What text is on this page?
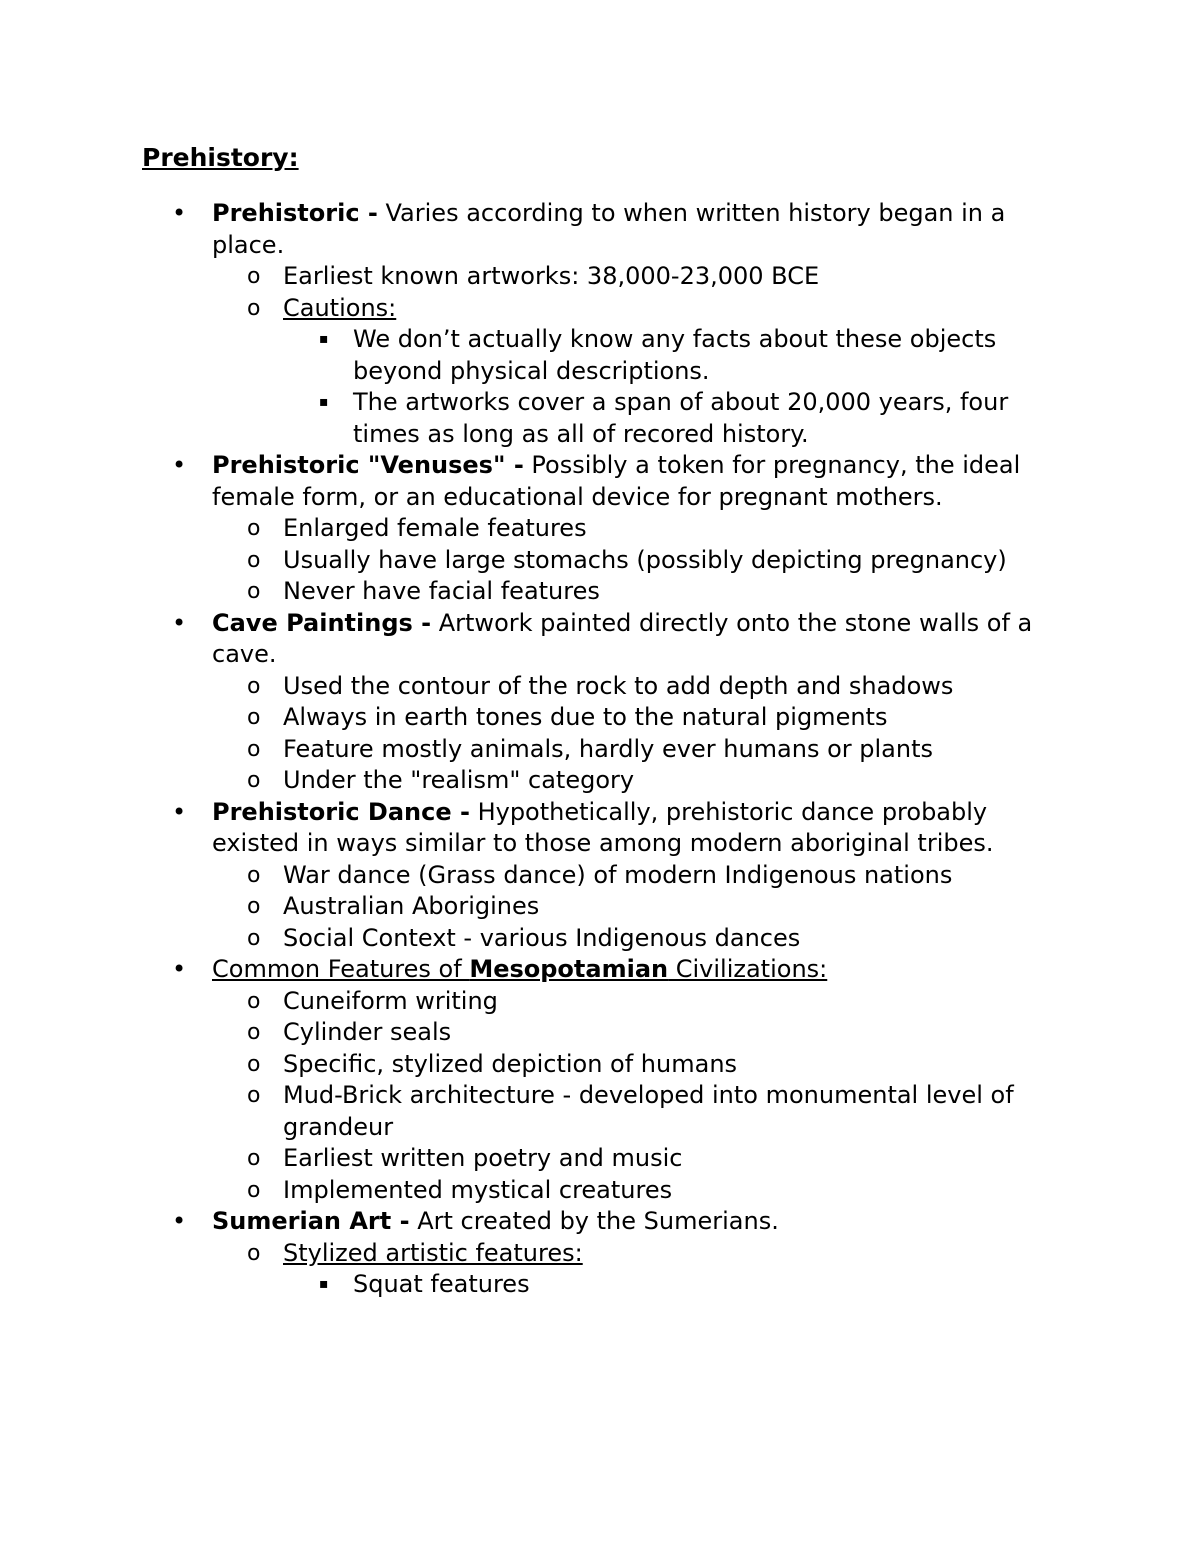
Prehistory:
• Prehistoric - Varies according to when written history began in a place.
o Earliest known artworks: 38,000-23,000 BCE
o Cautions:
▪ We don’t actually know any facts about these objects beyond physical descriptions.
▪ The artworks cover a span of about 20,000 years, four times as long as all of recored history.
• Prehistoric "Venuses" - Possibly a token for pregnancy, the ideal female form, or an educational device for pregnant mothers.
o Enlarged female features
o Usually have large stomachs (possibly depicting pregnancy)
o Never have facial features
• Cave Paintings - Artwork painted directly onto the stone walls of a cave.
o Used the contour of the rock to add depth and shadows
o Always in earth tones due to the natural pigments
o Feature mostly animals, hardly ever humans or plants
o Under the "realism" category
• Prehistoric Dance - Hypothetically, prehistoric dance probably existed in ways similar to those among modern aboriginal tribes.
o War dance (Grass dance) of modern Indigenous nations
o Australian Aborigines
o Social Context - various Indigenous dances
• Common Features of Mesopotamian Civilizations:
o Cuneiform writing
o Cylinder seals
o Specific, stylized depiction of humans
o Mud-Brick architecture - developed into monumental level of grandeur
o Earliest written poetry and music
o Implemented mystical creatures
• Sumerian Art - Art created by the Sumerians.
o Stylized artistic features:
▪ Squat features
